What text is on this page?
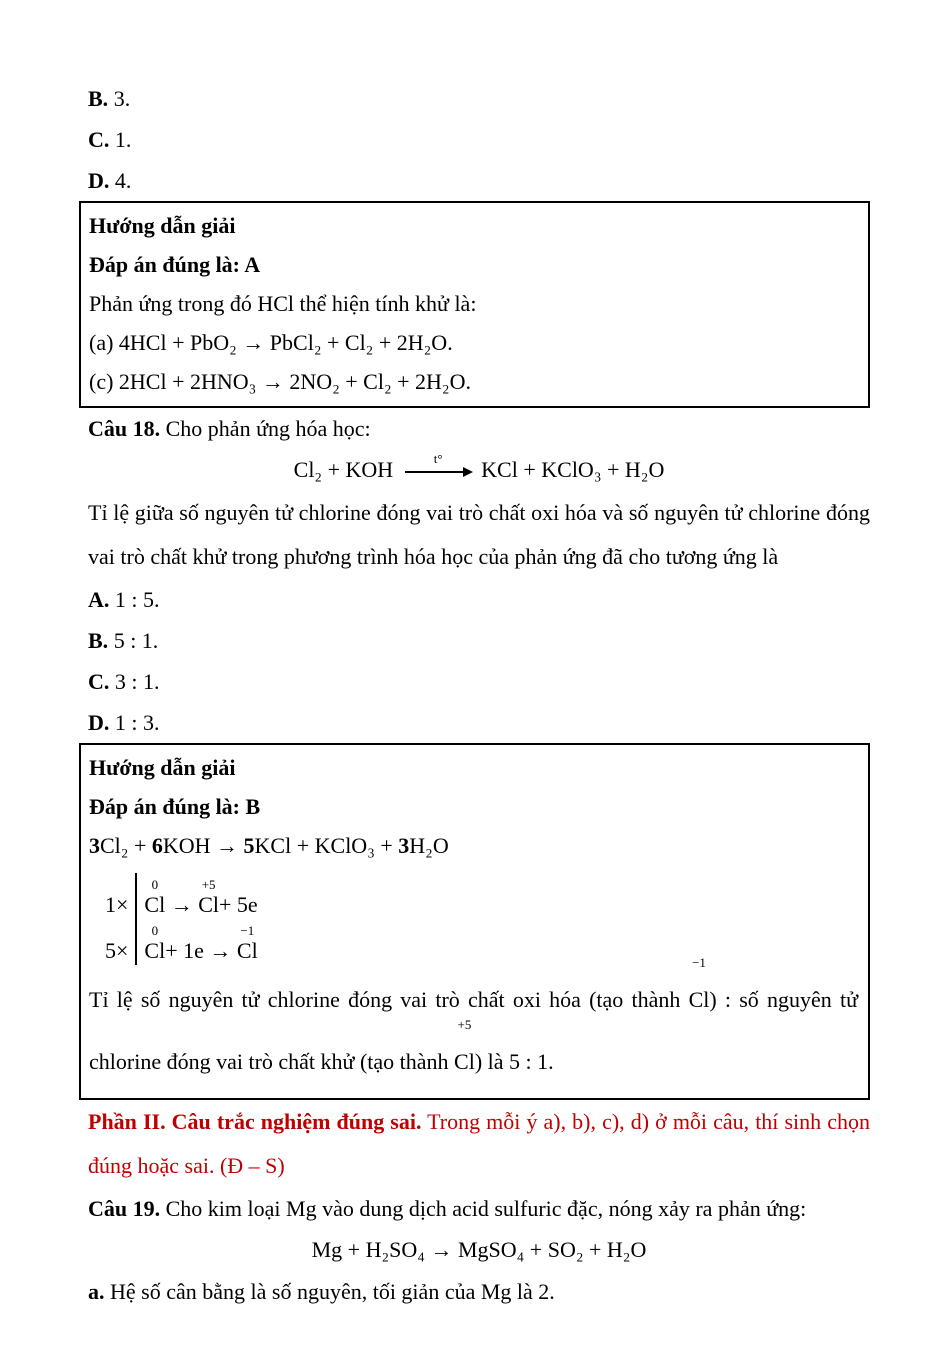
B. 3.
C. 1.
D. 4.
Hướng dẫn giải
Đáp án đúng là: A
Phản ứng trong đó HCl thể hiện tính khử là:
(a) 4HCl + PbO₂ → PbCl₂ + Cl₂ + 2H₂O.
(c) 2HCl + 2HNO₃ → 2NO₂ + Cl₂ + 2H₂O.
Câu 18. Cho phản ứng hóa học:
Cl₂ + KOH	t° KCl + KClO₃ + H₂O
Tỉ lệ giữa số nguyên tử chlorine đóng vai trò chất oxi hóa và số nguyên tử chlorine đóng vai trò chất khử trong phương trình hóa học của phản ứng đã cho tương ứng là
A. 1 : 5.
B. 5 : 1.
C. 3 : 1.
D. 1 : 3.
Hướng dẫn giải
Đáp án đúng là: B
3Cl₂ + 6KOH → 5KCl + KClO₃ + 3H₂O
1×
5×
0
Cl →
+5
Cl + 5e
0
Cl + 1e →
−1
Cl
Tỉ lệ số nguyên tử chlorine đóng vai trò chất oxi hóa (tạo thành
−1
Cl) : số nguyên tử chlorine đóng vai trò chất khử (tạo thành
+5
Cl) là 5 : 1.
Phần II. Câu trắc nghiệm đúng sai. Trong mỗi ý a), b), c), d) ở mỗi câu, thí sinh chọn đúng hoặc sai. (Đ – S)
Câu 19. Cho kim loại Mg vào dung dịch acid sulfuric đặc, nóng xảy ra phản ứng:
Mg + H₂SO₄ → MgSO₄ + SO₂ + H₂O
a. Hệ số cân bằng là số nguyên, tối giản của Mg là 2.
